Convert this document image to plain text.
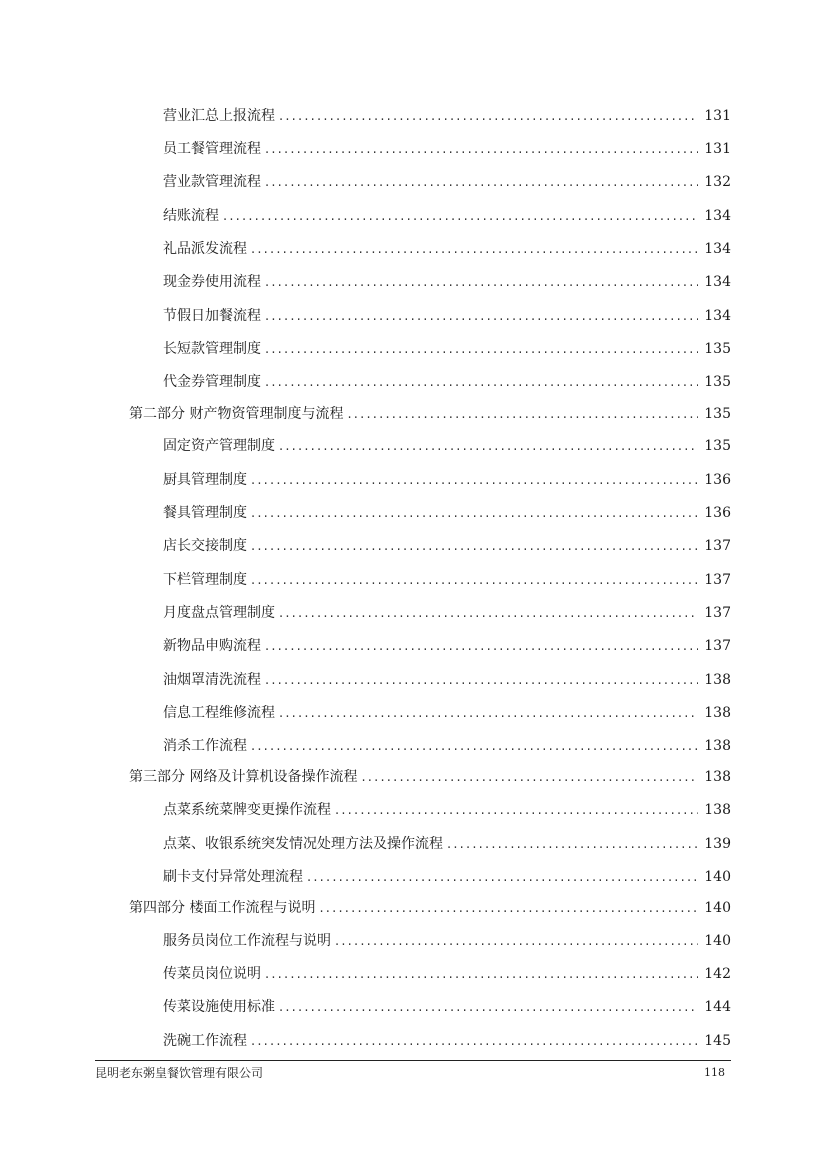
营业汇总上报流程 .....	131
员工餐管理流程 .....	131
营业款管理流程 .....	132
结账流程 .....	134
礼品派发流程 .....	134
现金券使用流程 .....	134
节假日加餐流程 .....	134
长短款管理制度 .....	135
代金券管理制度 .....	135
第二部分 财产物资管理制度与流程 .....	135
固定资产管理制度 .....	135
厨具管理制度 .....	136
餐具管理制度 .....	136
店长交接制度 .....	137
下栏管理制度 .....	137
月度盘点管理制度 .....	137
新物品申购流程 .....	137
油烟罩清洗流程 .....	138
信息工程维修流程 .....	138
消杀工作流程 .....	138
第三部分 网络及计算机设备操作流程 .....	138
点菜系统菜牌变更操作流程 .....	138
点菜、收银系统突发情况处理方法及操作流程 .....	139
刷卡支付异常处理流程 .....	140
第四部分 楼面工作流程与说明 .....	140
服务员岗位工作流程与说明 .....	140
传菜员岗位说明 .....	142
传菜设施使用标准 .....	144
洗碗工作流程 .....	145
昆明老东粥皇餐饮管理有限公司	118
